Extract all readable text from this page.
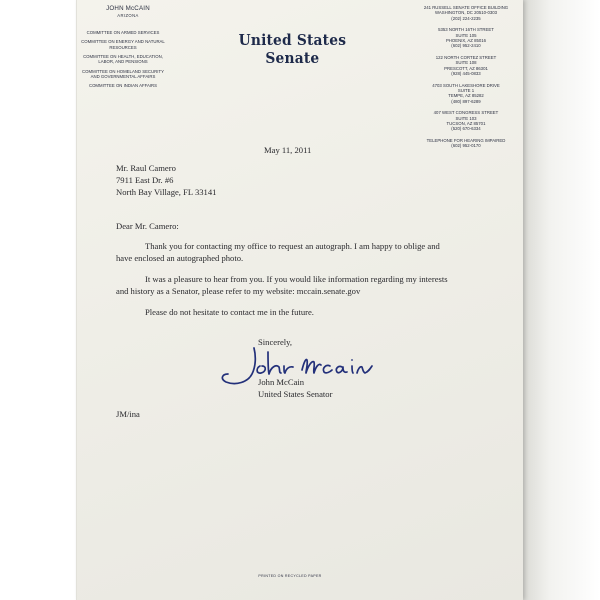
JOHN McCAIN
ARIZONA
COMMITTEE ON ARMED SERVICES
COMMITTEE ON ENERGY AND NATURAL RESOURCES
COMMITTEE ON HEALTH, EDUCATION, LABOR, AND PENSIONS
COMMITTEE ON HOMELAND SECURITY AND GOVERNMENTAL AFFAIRS
COMMITTEE ON INDIAN AFFAIRS
United States Senate
241 RUSSELL SENATE OFFICE BUILDING
WASHINGTON, DC 20510-0303
(202) 224-2235
5353 NORTH 16TH STREET
SUITE 105
PHOENIX, AZ 85016
(602) 952-2410
122 NORTH CORTEZ STREET
SUITE 108
PRESCOTT, AZ 86301
(928) 445-0833
4703 SOUTH LAKESHORE DRIVE
SUITE 1
TEMPE, AZ 85282
(480) 897-6289
407 WEST CONGRESS STREET
SUITE 103
TUCSON, AZ 85701
(520) 670-6334
TELEPHONE FOR HEARING IMPAIRED
(602) 952-0170
May 11, 2011
Mr. Raul Camero
7911 East Dr. #6
North Bay Village, FL 33141
Dear Mr. Camero:
Thank you for contacting my office to request an autograph. I am happy to oblige and have enclosed an autographed photo.
It was a pleasure to hear from you. If you would like information regarding my interests and history as a Senator, please refer to my website: mccain.senate.gov
Please do not hesitate to contact me in the future.
Sincerely,
John McCain
United States Senator
JM/ina
PRINTED ON RECYCLED PAPER
